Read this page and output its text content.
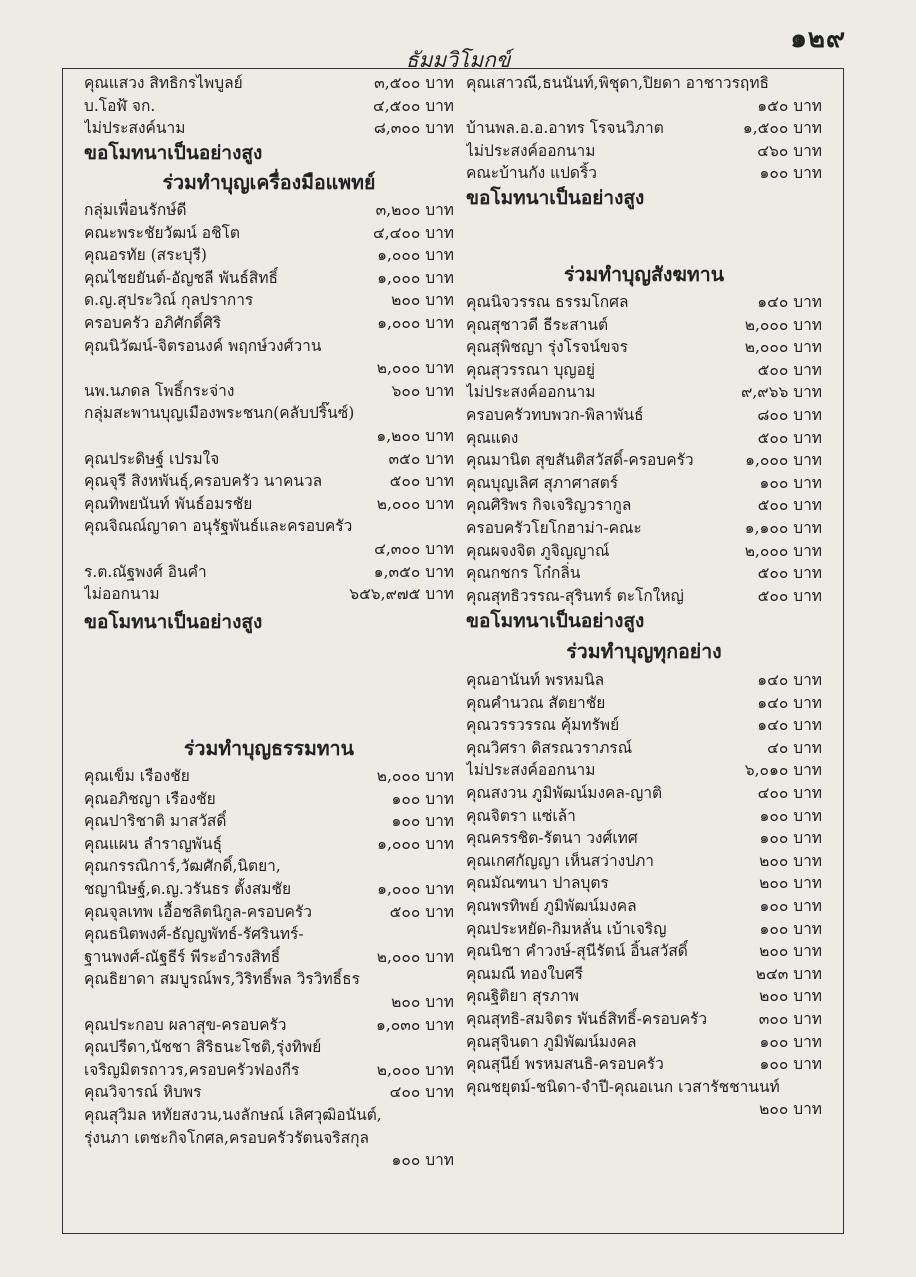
๑๒๙
ธัมมวิโมกข์
คุณแสวง สิทธิกรไพบูลย์	๓,๕๐๐ บาท
บ.โอฬ้ จก.	๔,๕๐๐ บาท
ไม่ประสงค์นาม	๘,๓๐๐ บาท
ขอโมทนาเป็นอย่างสูง
ร่วมทำบุญเครื่องมือแพทย์
กลุ่มเพื่อนรักษ์ดี	๓,๒๐๐ บาท
คณะพระชัยวัฒน์ อชิโต	๔,๔๐๐ บาท
คุณอรทัย (สระบุรี)	๑,๐๐๐ บาท
คุณไชยยันต์-อัญชลี พันธ์สิทธิ์	๑,๐๐๐ บาท
ด.ญ.สุประวิณ์ กุลปราการ	๒๐๐ บาท
ครอบครัว อภิศักดิ์ศิริ	๑,๐๐๐ บาท
คุณนิวัฒน์-จิตรอนงค์ พฤกษ์วงศ์วาน
๒,๐๐๐ บาท
นพ.นภดล โพธิ์กระจ่าง	๖๐๐ บาท
กลุ่มสะพานบุญเมืองพระชนก(คลับปริ๊นซ์)
๑,๒๐๐ บาท
คุณประดิษฐ์ เปรมใจ	๓๕๐ บาท
คุณจุรี สิงหพันธุ์,ครอบครัว นาคนวล	๕๐๐ บาท
คุณทิพยนันท์ พันธ์อมรชัย	๒,๐๐๐ บาท
คุณจิณณ์ญาดา อนุรัฐพันธ์และครอบครัว
๔,๓๐๐ บาท
ร.ต.ณัฐพงศ์ อินคำ	๑,๓๕๐ บาท
ไม่ออกนาม	๖๕๖,๙๗๕ บาท
ขอโมทนาเป็นอย่างสูง
ร่วมทำบุญธรรมทาน
คุณเข็ม เรืองชัย	๒,๐๐๐ บาท
คุณอภิชญา เรืองชัย	๑๐๐ บาท
คุณปาริชาติ มาสวัสดิ์	๑๐๐ บาท
คุณแผน ลำราญพันธุ์	๑,๐๐๐ บาท
คุณกรรณิการ์,วัฒศักดิ์,นิตยา,
ชญานิษฐ์,ด.ญ.วรันธร ตั้งสมชัย	๑,๐๐๐ บาท
คุณจุลเทพ เอื้อชลิตนิกูล-ครอบครัว	๕๐๐ บาท
คุณธนิตพงศ์-ธัญญพัทธ์-รัศรินทร์-
ฐานพงศ์-ณัฐธีร์ พีระอำรงสิทธิ์	๒,๐๐๐ บาท
คุณธิยาดา สมบูรณ์พร,วิริทธิ์พล วิรวิทธิ์ธร
๒๐๐ บาท
คุณประกอบ ผลาสุข-ครอบครัว	๑,๐๓๐ บาท
คุณปรีดา,นัชชา สิริธนะโชติ,รุ่งทิพย์
เจริญมิตรถาวร,ครอบครัวฟองกีร	๒,๐๐๐ บาท
คุณวิจารณ์ หิบพร	๔๐๐ บาท
คุณสุวิมล หทัยสงวน,นงลักษณ์ เลิศวุฒิอนันต์,
รุ่งนภา เตชะกิจโกศล,ครอบครัวรัตนจริสกุล
๑๐๐ บาท
คุณเสาวณี,ธนนันท์,พิชุดา,ปิยดา อาชาวรฤทธิ
๑๕๐ บาท
บ้านพล.อ.อ.อาทร โรจนวิภาต	๑,๕๐๐ บาท
ไม่ประสงค์ออกนาม	๔๖๐ บาท
คณะบ้านกัง แปดริ้ว	๑๐๐ บาท
ขอโมทนาเป็นอย่างสูง
ร่วมทำบุญสังฆทาน
คุณนิจวรรณ ธรรมโกศล	๑๔๐ บาท
คุณสุชาวดี ธีระสานต์	๒,๐๐๐ บาท
คุณสุพิชญา รุ่งโรจน์ขจร	๒,๐๐๐ บาท
คุณสุวรรณา บุญอยู่	๕๐๐ บาท
ไม่ประสงค์ออกนาม	๙,๙๖๖ บาท
ครอบครัวทบพวก-พิลาพันธ์	๘๐๐ บาท
คุณแดง	๕๐๐ บาท
คุณมานิต สุขสันติสวัสดิ์-ครอบครัว	๑,๐๐๐ บาท
คุณบุญเลิศ สุภาศาสตร์	๑๐๐ บาท
คุณศิริพร กิจเจริญวรากูล	๕๐๐ บาท
ครอบครัวโยโกฮาม่า-คณะ	๑,๑๐๐ บาท
คุณผจงจิต ภูจิญญาณ์	๒,๐๐๐ บาท
คุณกชกร โก๋กลิ่น	๕๐๐ บาท
คุณสุทธิวรรณ-สุรินทร์ ตะโกใหญ่	๕๐๐ บาท
ขอโมทนาเป็นอย่างสูง
ร่วมทำบุญทุกอย่าง
คุณอานันท์ พรหมนิล	๑๔๐ บาท
คุณคำนวณ สัตยาชัย	๑๔๐ บาท
คุณวรรวรรณ คุ้มทรัพย์	๑๔๐ บาท
คุณวิศรา ดิสรณวราภรณ์	๔๐ บาท
ไม่ประสงค์ออกนาม	๖,๐๑๐ บาท
คุณสงวน ภูมิพัฒน์มงคล-ญาติ	๔๐๐ บาท
คุณจิตรา แซ่เล้า	๑๐๐ บาท
คุณครรชิต-รัตนา วงศ์เทศ	๑๐๐ บาท
คุณเกศกัญญา เห็นสว่างปภา	๒๐๐ บาท
คุณมัณฑนา ปาลบุตร	๒๐๐ บาท
คุณพรทิพย์ ภูมิพัฒน์มงคล	๑๐๐ บาท
คุณประหยัด-กิมหลั่น เบ้าเจริญ	๑๐๐ บาท
คุณนิชา คำวงษ์-สุนีรัตน์ อิ้นสวัสดิ์	๒๐๐ บาท
คุณมณี ทองใบศรี	๒๔๓ บาท
คุณฐิติยา สุรภาพ	๒๐๐ บาท
คุณสุทธิ-สมจิตร พันธ์สิทธิ์-ครอบครัว	๓๐๐ บาท
คุณสุจินดา ภูมิพัฒน์มงคล	๑๐๐ บาท
คุณสุนีย์ พรหมสนธิ-ครอบครัว	๑๐๐ บาท
คุณชยุตม์-ชนิดา-จำปี-คุณอเนก เวสารัชชานนท์
๒๐๐ บาท
